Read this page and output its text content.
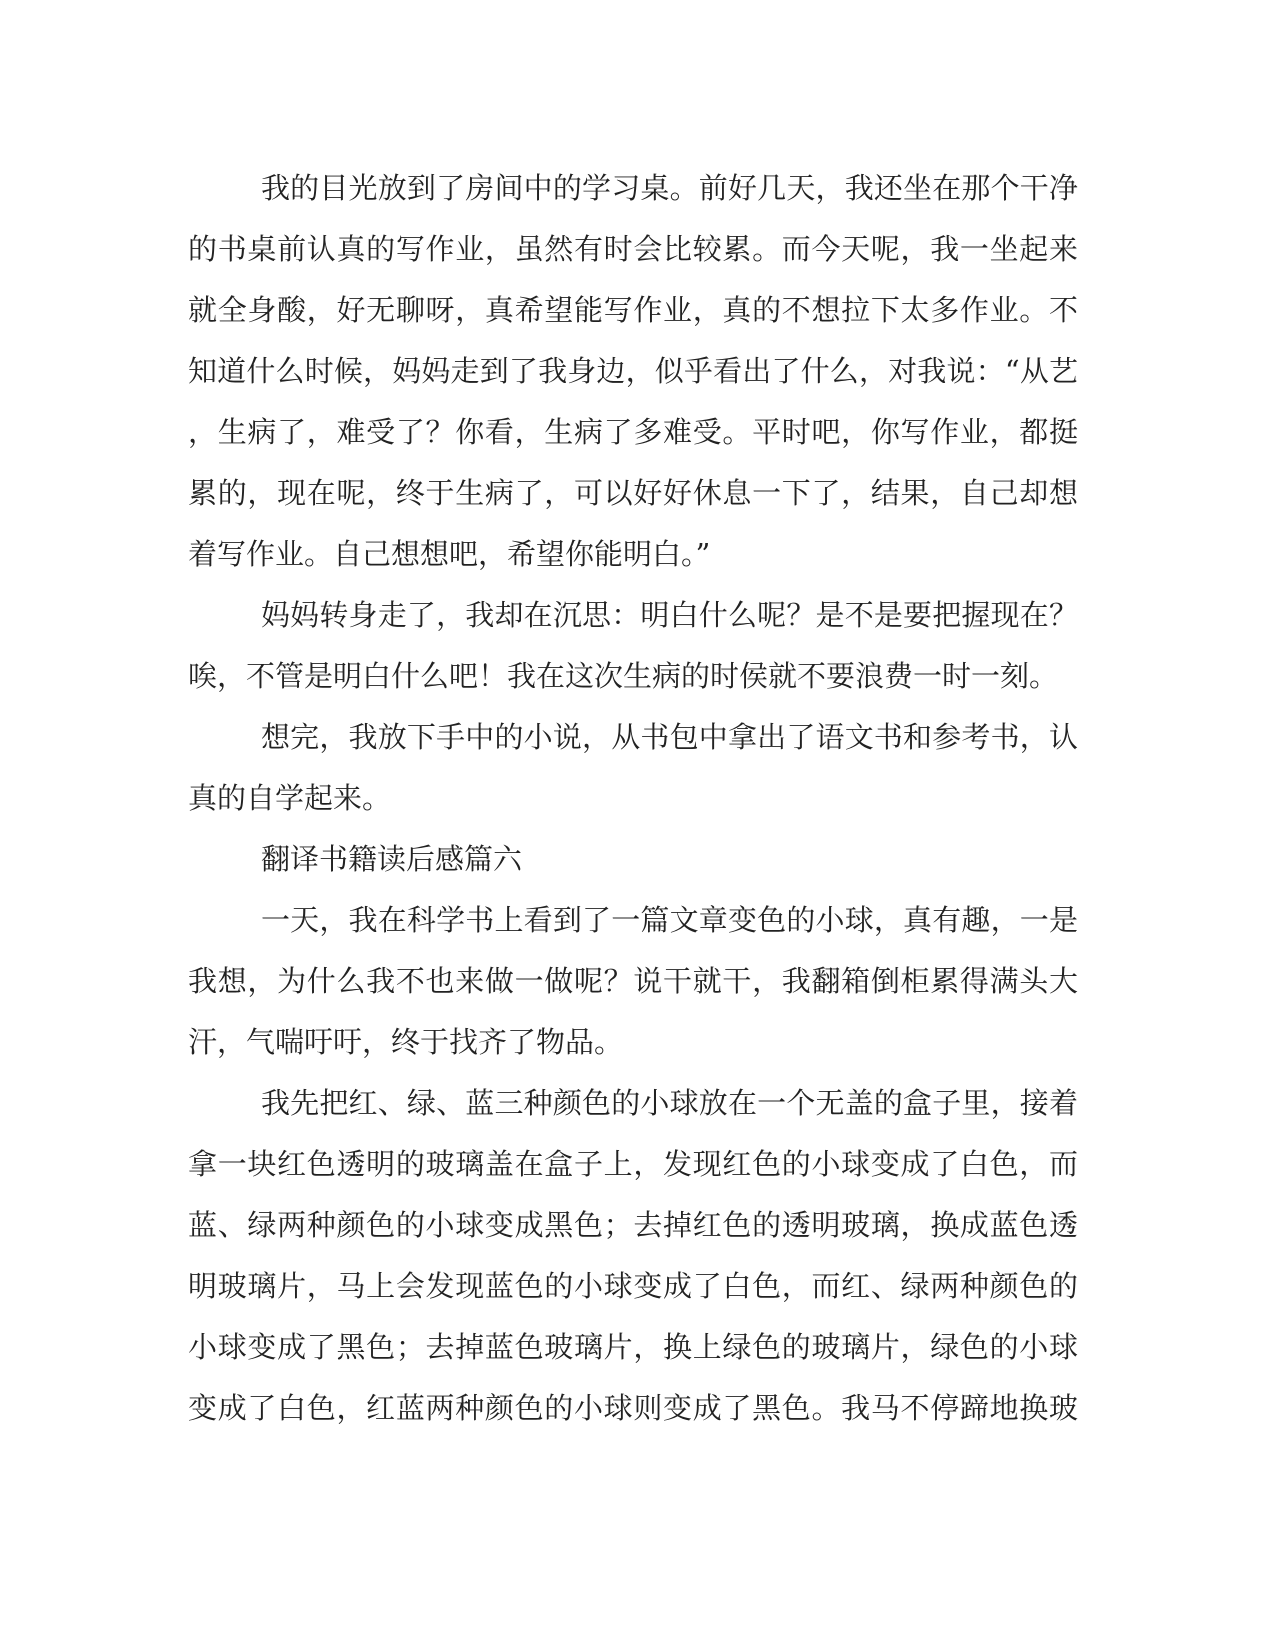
我的目光放到了房间中的学习桌。前好几天，我还坐在那个干净
的书桌前认真的写作业，虽然有时会比较累。而今天呢，我一坐起来
就全身酸，好无聊呀，真希望能写作业，真的不想拉下太多作业。不
知道什么时候，妈妈走到了我身边，似乎看出了什么，对我说：“从艺
，生病了，难受了？你看，生病了多难受。平时吧，你写作业，都挺
累的，现在呢，终于生病了，可以好好休息一下了，结果，自己却想
着写作业。自己想想吧，希望你能明白。”
妈妈转身走了，我却在沉思：明白什么呢？是不是要把握现在？
唉，不管是明白什么吧！我在这次生病的时侯就不要浪费一时一刻。
想完，我放下手中的小说，从书包中拿出了语文书和参考书，认
真的自学起来。
翻译书籍读后感篇六
一天，我在科学书上看到了一篇文章变色的小球，真有趣，一是
我想，为什么我不也来做一做呢？说干就干，我翻箱倒柜累得满头大
汗，气喘吁吁，终于找齐了物品。
我先把红、绿、蓝三种颜色的小球放在一个无盖的盒子里，接着
拿一块红色透明的玻璃盖在盒子上，发现红色的小球变成了白色，而
蓝、绿两种颜色的小球变成黑色；去掉红色的透明玻璃，换成蓝色透
明玻璃片，马上会发现蓝色的小球变成了白色，而红、绿两种颜色的
小球变成了黑色；去掉蓝色玻璃片，换上绿色的玻璃片，绿色的小球
变成了白色，红蓝两种颜色的小球则变成了黑色。我马不停蹄地换玻
